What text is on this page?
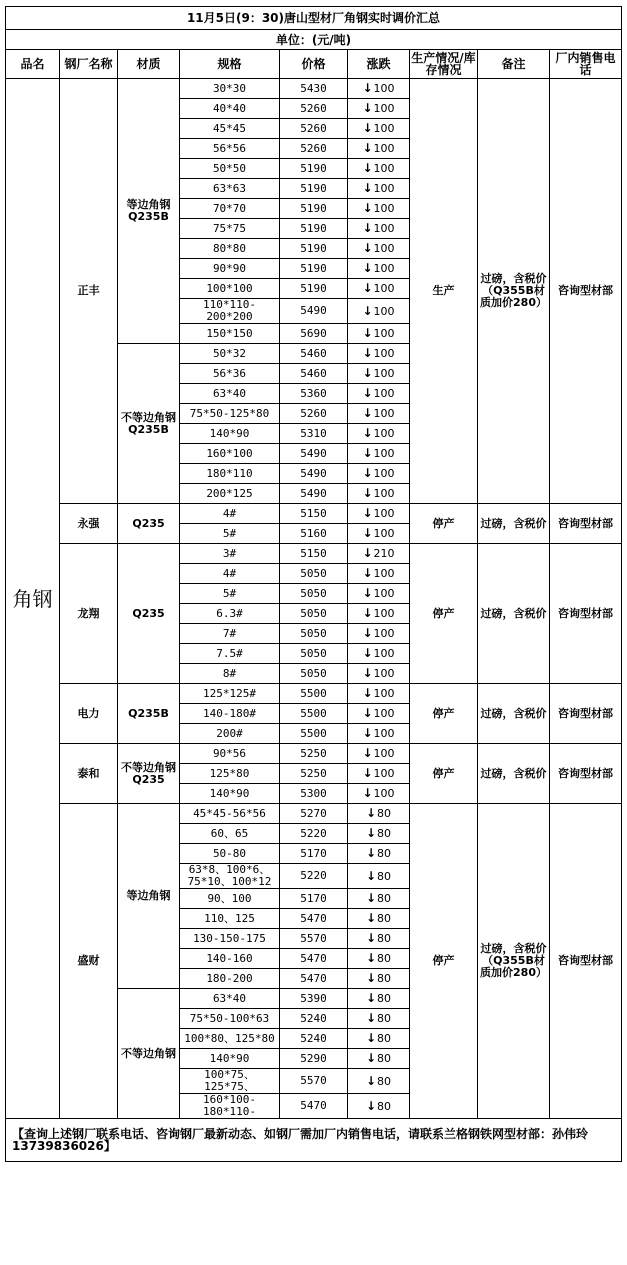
11月5日(9：30)唐山型材厂角钢实时调价汇总								
单位：(元/吨)								
品名	钢厂名称	材质	规格	价格	涨跌	生产情况/库存情况	备注	厂内销售电话
角钢	正丰	等边角钢Q235B	30*30	5430	↓100	生产	过磅，含税价（Q355B材质加价280）	咨询型材部
			40*40	5260	↓100			
			45*45	5260	↓100			
			56*56	5260	↓100			
			50*50	5190	↓100			
			63*63	5190	↓100			
			70*70	5190	↓100			
			75*75	5190	↓100			
			80*80	5190	↓100			
			90*90	5190	↓100			
			100*100	5190	↓100			
			110*110-200*200	5490	↓100			
			150*150	5690	↓100			
		不等边角钢Q235B	50*32	5460	↓100			
			56*36	5460	↓100			
			63*40	5360	↓100			
			75*50-125*80	5260	↓100			
			140*90	5310	↓100			
			160*100	5490	↓100			
			180*110	5490	↓100			
			200*125	5490	↓100			
	永强	Q235	4#	5150	↓100	停产	过磅，含税价	咨询型材部
			5#	5160	↓100			
	龙翔	Q235	3#	5150	↓210	停产	过磅，含税价	咨询型材部
			4#	5050	↓100			
			5#	5050	↓100			
			6.3#	5050	↓100			
			7#	5050	↓100			
			7.5#	5050	↓100			
			8#	5050	↓100			
	电力	Q235B	125*125#	5500	↓100	停产	过磅，含税价	咨询型材部
			140-180#	5500	↓100			
			200#	5500	↓100			
	泰和	不等边角钢Q235	90*56	5250	↓100	停产	过磅，含税价	咨询型材部
			125*80	5250	↓100			
			140*90	5300	↓100			
	盛财	等边角钢	45*45-56*56	5270	↓80	停产	过磅，含税价（Q355B材质加价280）	咨询型材部
			60、65	5220	↓80			
			50-80	5170	↓80			
			63*8、100*6、75*10、100*12	5220	↓80			
			90、100	5170	↓80			
			110、125	5470	↓80			
			130-150-175	5570	↓80			
			140-160	5470	↓80			
			180-200	5470	↓80			
		不等边角钢	63*40	5390	↓80			
			75*50-100*63	5240	↓80			
			100*80、125*80	5240	↓80			
			140*90	5290	↓80			
			100*75、125*75、	5570	↓80			
			160*100-180*110-	5470	↓80			
【查询上述钢厂联系电话、咨询钢厂最新动态、如钢厂需加厂内销售电话，请联系兰格钢铁网型材部：孙伟玲13739836026】								
